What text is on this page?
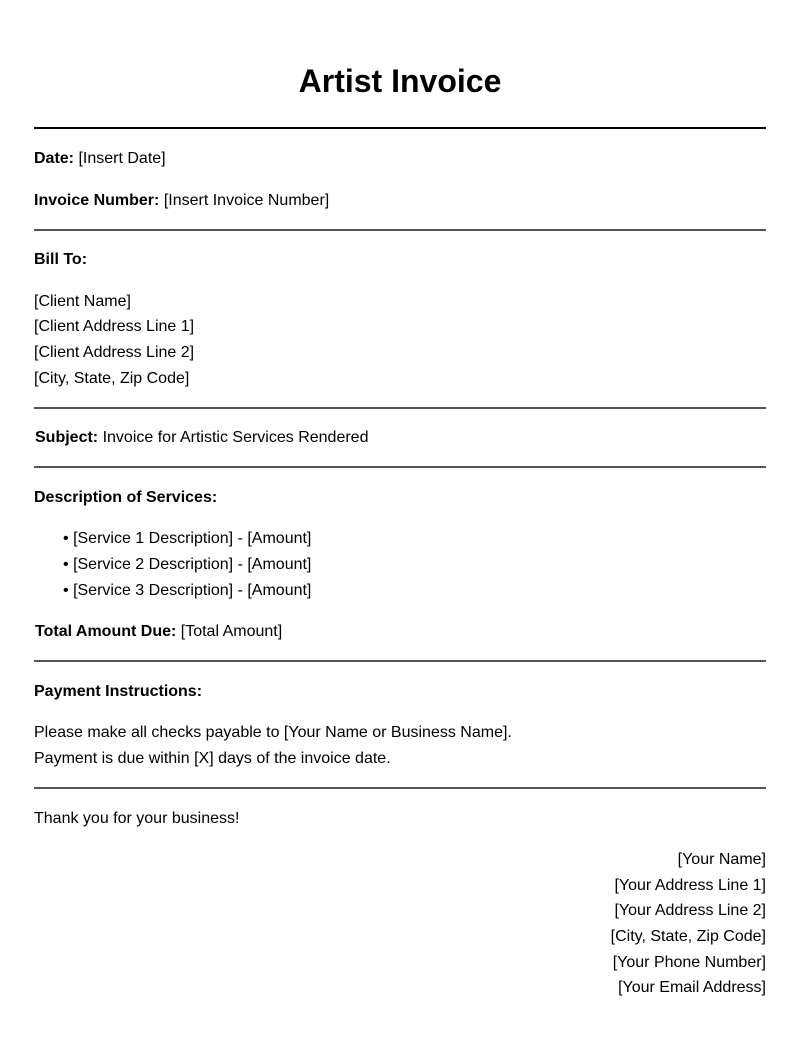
Artist Invoice
Date: [Insert Date]
Invoice Number: [Insert Invoice Number]
Bill To:
[Client Name]
[Client Address Line 1]
[Client Address Line 2]
[City, State, Zip Code]
Subject: Invoice for Artistic Services Rendered
Description of Services:
• [Service 1 Description] - [Amount]
• [Service 2 Description] - [Amount]
• [Service 3 Description] - [Amount]
Total Amount Due: [Total Amount]
Payment Instructions:
Please make all checks payable to [Your Name or Business Name].
Payment is due within [X] days of the invoice date.
Thank you for your business!
[Your Name]
[Your Address Line 1]
[Your Address Line 2]
[City, State, Zip Code]
[Your Phone Number]
[Your Email Address]
